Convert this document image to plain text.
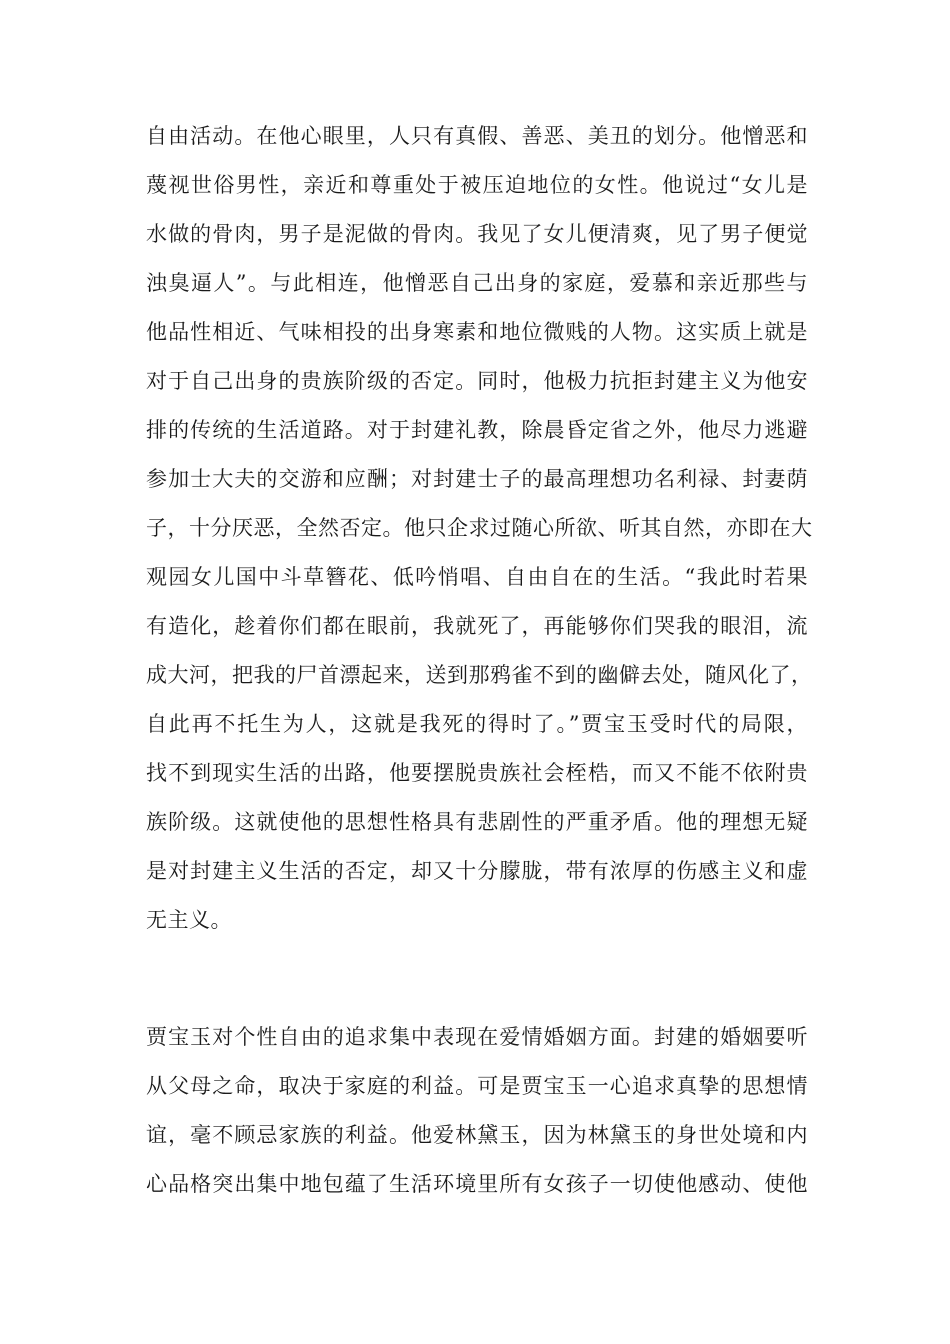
自由活动。在他心眼里，人只有真假、善恶、美丑的划分。他憎恶和
蔑视世俗男性，亲近和尊重处于被压迫地位的女性。他说过“女儿是
水做的骨肉，男子是泥做的骨肉。我见了女儿便清爽，见了男子便觉
浊臭逼人”。与此相连，他憎恶自己出身的家庭，爱慕和亲近那些与
他品性相近、气味相投的出身寒素和地位微贱的人物。这实质上就是
对于自己出身的贵族阶级的否定。同时，他极力抗拒封建主义为他安
排的传统的生活道路。对于封建礼教，除晨昏定省之外，他尽力逃避
参加士大夫的交游和应酬；对封建士子的最高理想功名利禄、封妻荫
子，十分厌恶，全然否定。他只企求过随心所欲、听其自然，亦即在大
观园女儿国中斗草簪花、低吟悄唱、自由自在的生活。“我此时若果
有造化，趁着你们都在眼前，我就死了，再能够你们哭我的眼泪，流
成大河，把我的尸首漂起来，送到那鸦雀不到的幽僻去处，随风化了，
自此再不托生为人，这就是我死的得时了。”贾宝玉受时代的局限，
找不到现实生活的出路，他要摆脱贵族社会桎梏，而又不能不依附贵
族阶级。这就使他的思想性格具有悲剧性的严重矛盾。他的理想无疑
是对封建主义生活的否定，却又十分朦胧，带有浓厚的伤感主义和虚
无主义。
贾宝玉对个性自由的追求集中表现在爱情婚姻方面。封建的婚姻要听
从父母之命，取决于家庭的利益。可是贾宝玉一心追求真挚的思想情
谊，毫不顾忌家族的利益。他爱林黛玉，因为林黛玉的身世处境和内
心品格突出集中地包蕴了生活环境里所有女孩子一切使他感动、使他
